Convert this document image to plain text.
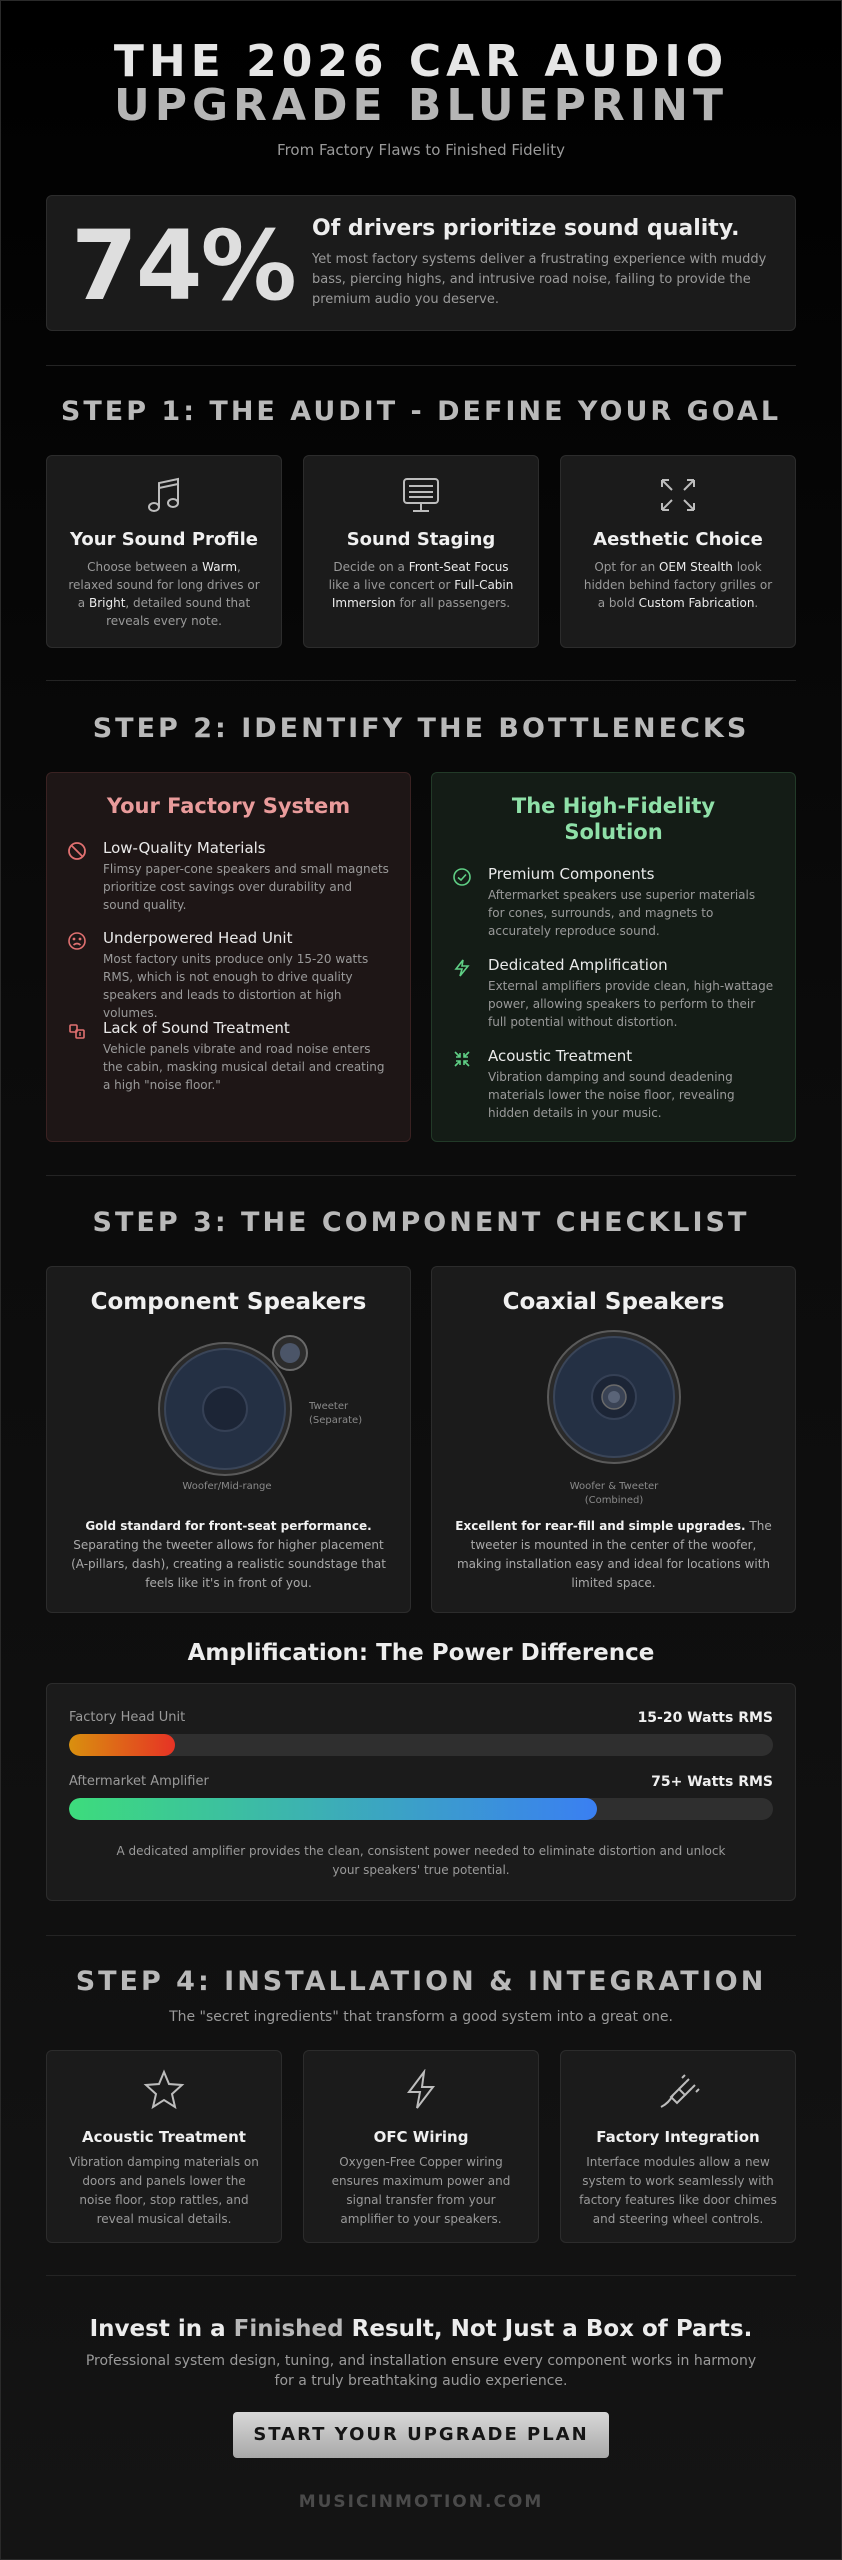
THE 2026 CAR AUDIO
UPGRADE BLUEPRINT
From Factory Flaws to Finished Fidelity
74% Of drivers prioritize sound quality.
Yet most factory systems deliver a frustrating experience with muddy bass, piercing highs, and intrusive road noise, failing to provide the premium audio you deserve.
STEP 1: THE AUDIT - DEFINE YOUR GOAL
Your Sound Profile

Choose between a Warm, relaxed sound for long drives or a Bright, detailed sound that reveals every note.

Sound Staging

Decide on a Front-Seat Focus like a live concert or Full-Cabin Immersion for all passengers.

Aesthetic Choice

Opt for an OEM Stealth look hidden behind factory grilles or a bold Custom Fabrication.

STEP 2: IDENTIFY THE BOTTLENECKS
Your Factory System
Low-Quality Materials

Flimsy paper-cone speakers and small magnets prioritize cost savings over durability and sound quality.

Underpowered Head Unit

Most factory units produce only 15-20 watts RMS, which is not enough to drive quality speakers and leads to distortion at high volumes.

Lack of Sound Treatment

Vehicle panels vibrate and road noise enters the cabin, masking musical detail and creating a high "noise floor."

The High-Fidelity
Solution
Premium Components

Aftermarket speakers use superior materials for cones, surrounds, and magnets to accurately reproduce sound.

Dedicated Amplification

External amplifiers provide clean, high-wattage power, allowing speakers to perform to their full potential without distortion.

Acoustic Treatment

Vibration damping and sound deadening materials lower the noise floor, revealing hidden details in your music.

STEP 3: THE COMPONENT CHECKLIST
Component Speakers
Tweeter
(Separate)
Woofer/Mid-range
Gold standard for front-seat performance. Separating the tweeter allows for higher placement (A-pillars, dash), creating a realistic soundstage that feels like it's in front of you.
Coaxial Speakers
Woofer & Tweeter
(Combined)
Excellent for rear-fill and simple upgrades. The tweeter is mounted in the center of the woofer, making installation easy and ideal for locations with limited space.
Amplification: The Power Difference
Factory Head Unit	15-20 Watts RMS
Aftermarket Amplifier	75+ Watts RMS
A dedicated amplifier provides the clean, consistent power needed to eliminate distortion and unlock your speakers' true potential.
STEP 4: INSTALLATION & INTEGRATION
The "secret ingredients" that transform a good system into a great one.
Acoustic Treatment

Vibration damping materials on doors and panels lower the noise floor, stop rattles, and reveal musical details.

OFC Wiring

Oxygen-Free Copper wiring ensures maximum power and signal transfer from your amplifier to your speakers.

Factory Integration

Interface modules allow a new system to work seamlessly with factory features like door chimes and steering wheel controls.

Invest in a Finished Result, Not Just a Box of Parts.
Professional system design, tuning, and installation ensure every component works in harmony for a truly breathtaking audio experience.
START YOUR UPGRADE PLAN
MUSICINMOTION.COM
